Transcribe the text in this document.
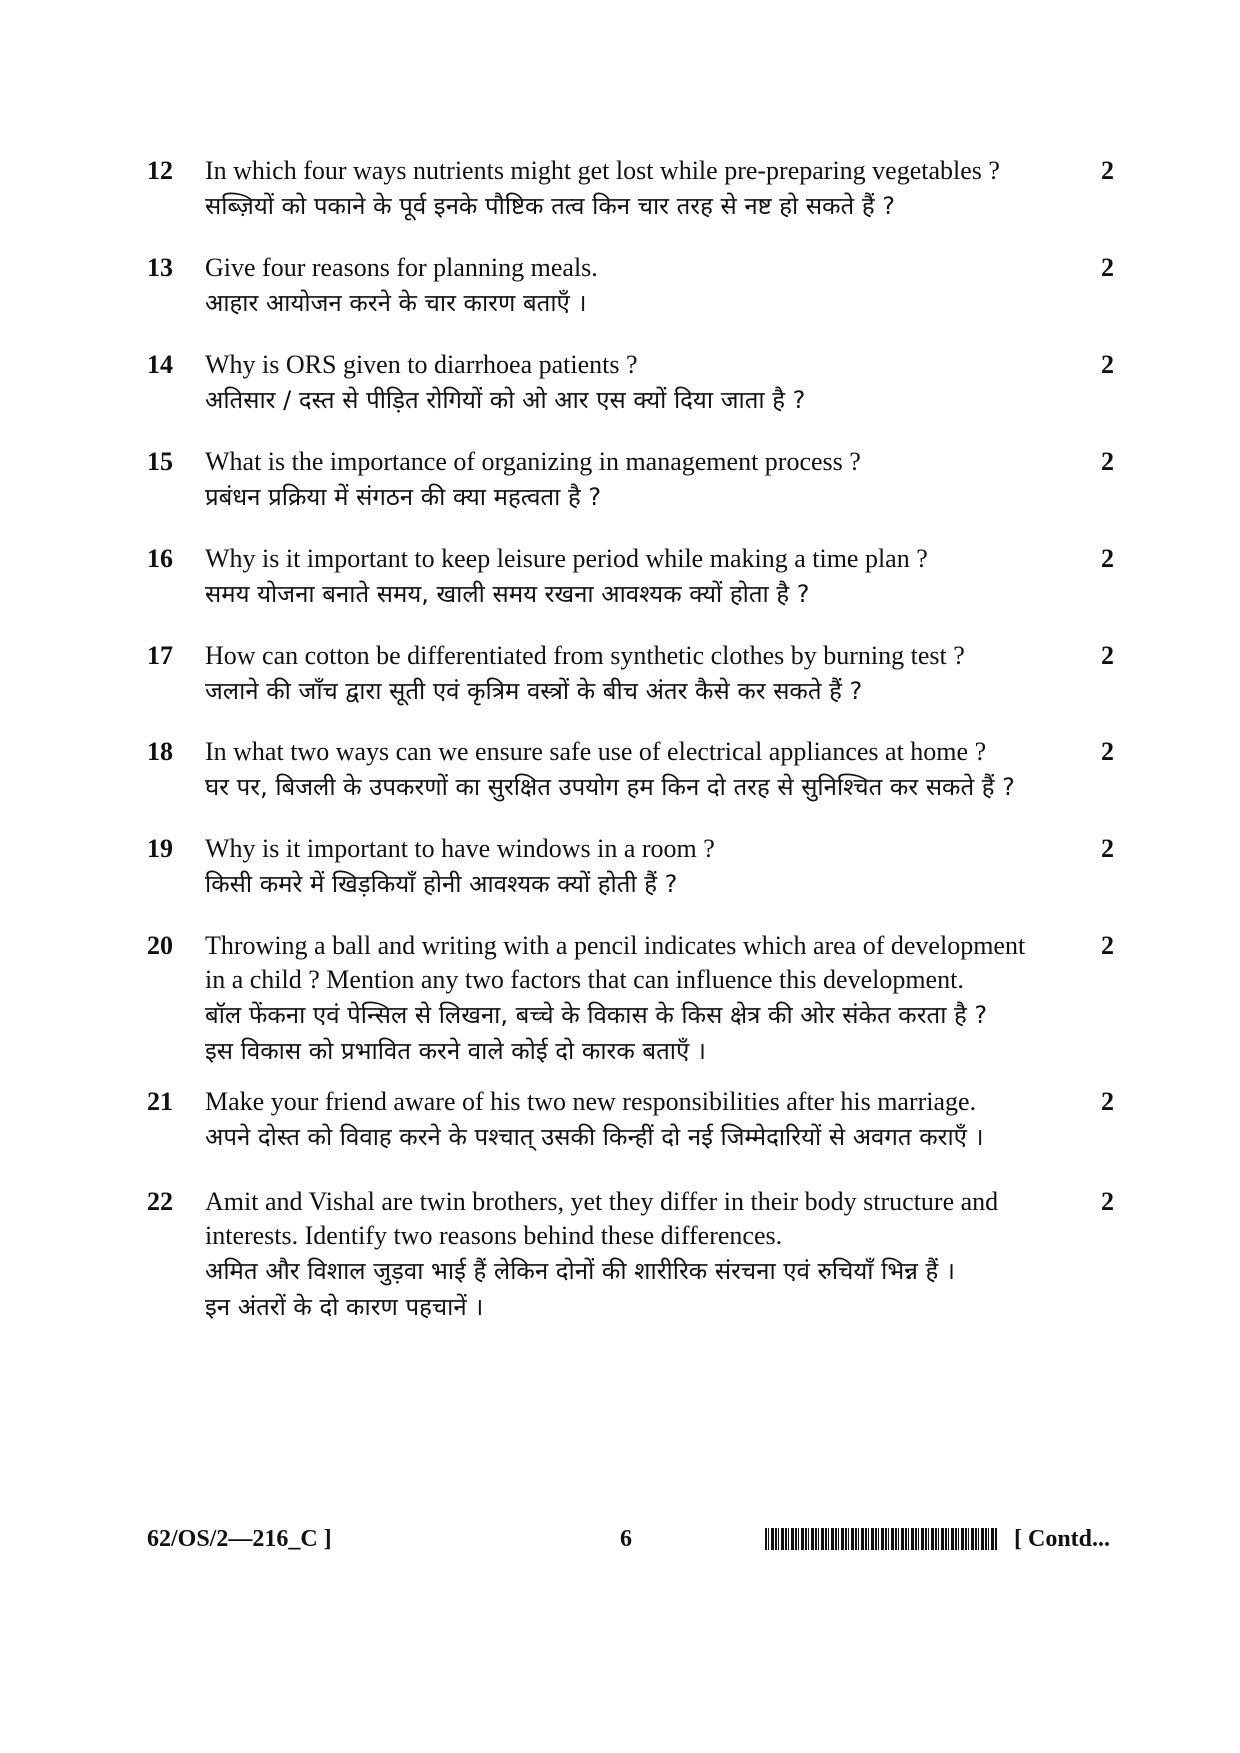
12 In which four ways nutrients might get lost while pre-preparing vegetables ?

सब्ज़ियों को पकाने के पूर्व इनके पौष्टिक तत्व किन चार तरह से नष्ट हो सकते हैं ?

2
13 Give four reasons for planning meals.

आहार आयोजन करने के चार कारण बताएँ ।

2
14 Why is ORS given to diarrhoea patients ?

अतिसार / दस्त से पीड़ित रोगियों को ओ आर एस क्यों दिया जाता है ?

2
15 What is the importance of organizing in management process ?

प्रबंधन प्रक्रिया में संगठन की क्या महत्वता है ?

2
16 Why is it important to keep leisure period while making a time plan ?

समय योजना बनाते समय, खाली समय रखना आवश्यक क्यों होता है ?

2
17 How can cotton be differentiated from synthetic clothes by burning test ?

जलाने की जाँच द्वारा सूती एवं कृत्रिम वस्त्रों के बीच अंतर कैसे कर सकते हैं ?

2
18 In what two ways can we ensure safe use of electrical appliances at home ?

घर पर, बिजली के उपकरणों का सुरक्षित उपयोग हम किन दो तरह से सुनिश्चित कर सकते हैं ?

2
19 Why is it important to have windows in a room ?

किसी कमरे में खिड़कियाँ होनी आवश्यक क्यों होती हैं ?

2
20 Throwing a ball and writing with a pencil indicates which area of development

in a child ? Mention any two factors that can influence this development.

बॉल फेंकना एवं पेन्सिल से लिखना, बच्चे के विकास के किस क्षेत्र की ओर संकेत करता है ?

इस विकास को प्रभावित करने वाले कोई दो कारक बताएँ ।

2
21 Make your friend aware of his two new responsibilities after his marriage.

अपने दोस्त को विवाह करने के पश्चात् उसकी किन्हीं दो नई जिम्मेदारियों से अवगत कराएँ ।

2
22 Amit and Vishal are twin brothers, yet they differ in their body structure and

interests. Identify two reasons behind these differences.

अमित और विशाल जुड़वा भाई हैं लेकिन दोनों की शारीरिक संरचना एवं रुचियाँ भिन्न हैं ।

इन अंतरों के दो कारण पहचानें ।

2
62/OS/2—216_C ]	6	[ Contd...
